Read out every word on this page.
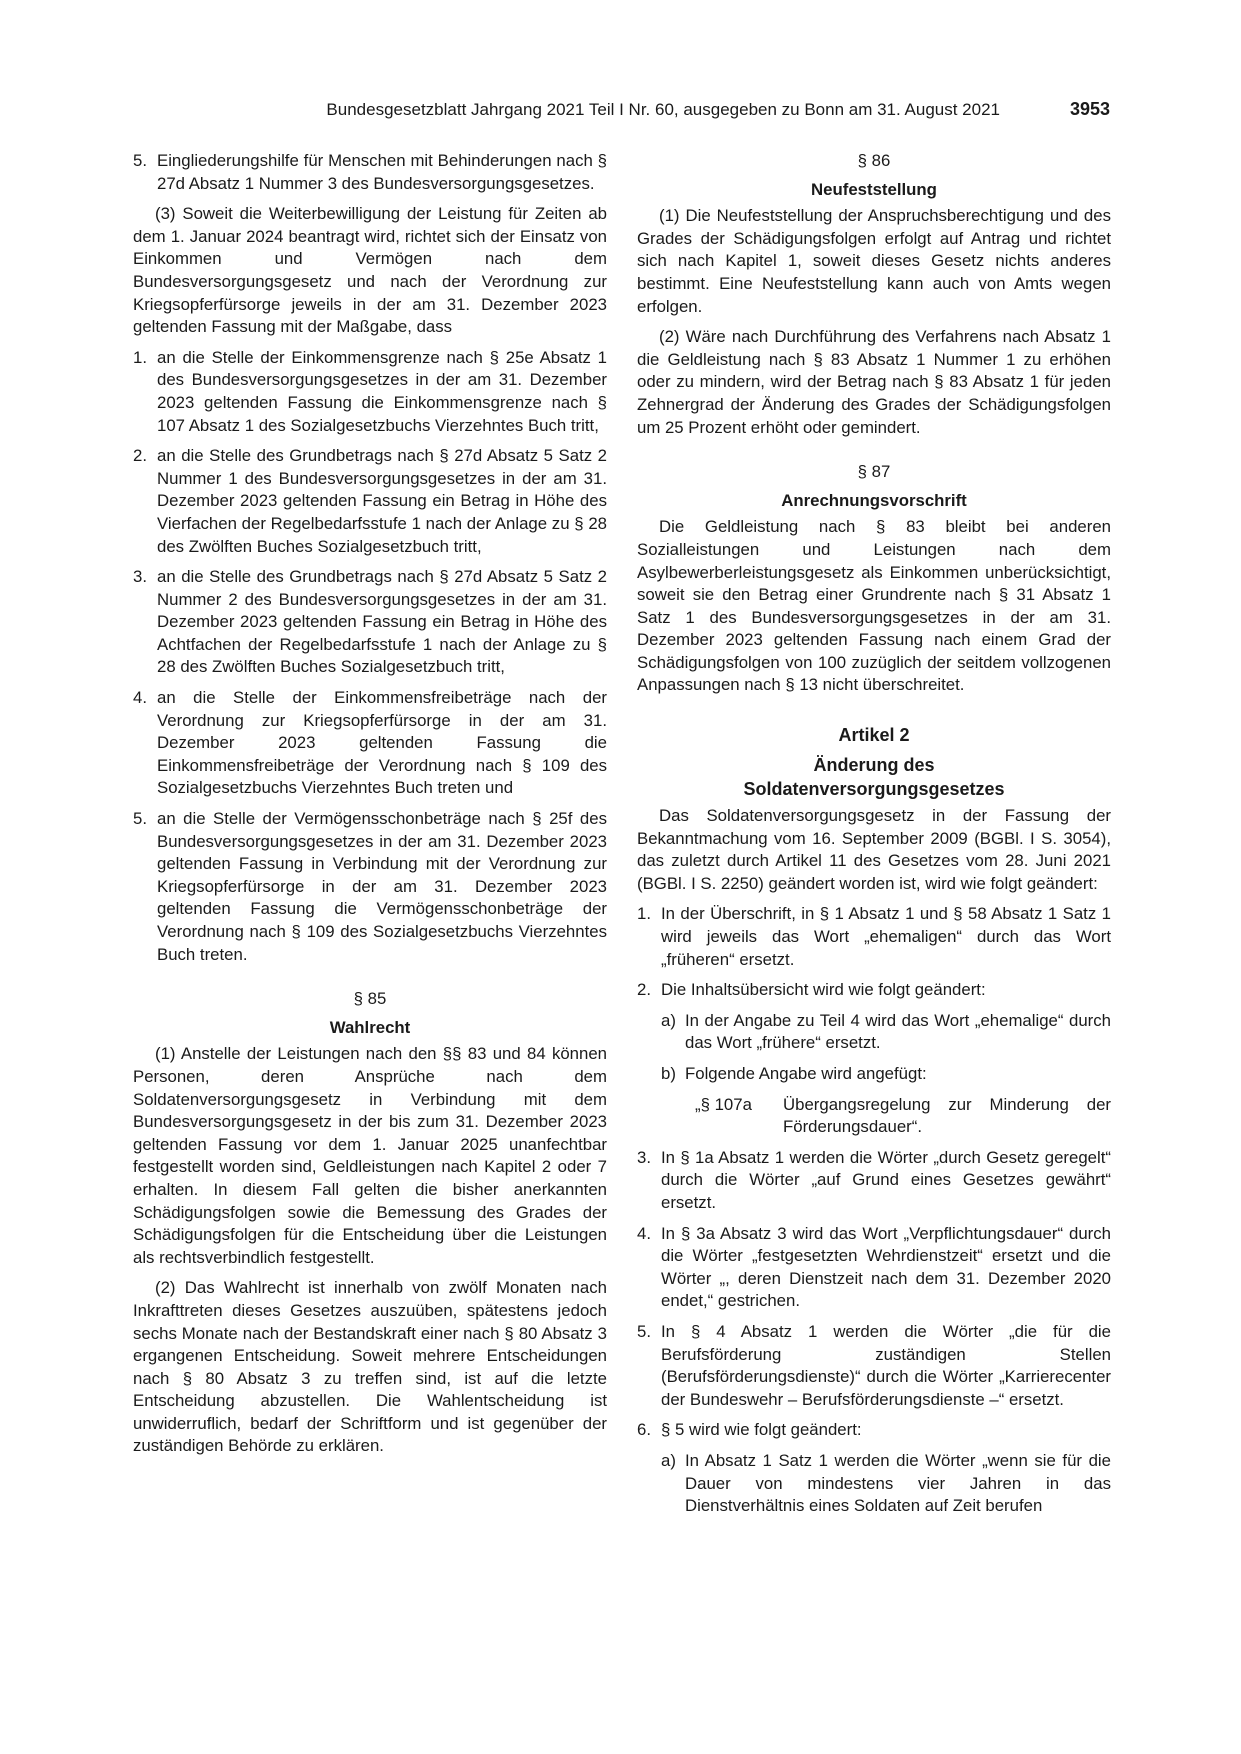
Bundesgesetzblatt Jahrgang 2021 Teil I Nr. 60, ausgegeben zu Bonn am 31. August 2021	3953
5. Eingliederungshilfe für Menschen mit Behinderungen nach § 27d Absatz 1 Nummer 3 des Bundesversorgungsgesetzes.

(3) Soweit die Weiterbewilligung der Leistung für Zeiten ab dem 1. Januar 2024 beantragt wird, richtet sich der Einsatz von Einkommen und Vermögen nach dem Bundesversorgungsgesetz und nach der Verordnung zur Kriegsopferfürsorge jeweils in der am 31. Dezember 2023 geltenden Fassung mit der Maßgabe, dass

1. an die Stelle der Einkommensgrenze nach § 25e Absatz 1 des Bundesversorgungsgesetzes in der am 31. Dezember 2023 geltenden Fassung die Einkommensgrenze nach § 107 Absatz 1 des Sozialgesetzbuchs Vierzehntes Buch tritt,
2. an die Stelle des Grundbetrags nach § 27d Absatz 5 Satz 2 Nummer 1 des Bundesversorgungsgesetzes in der am 31. Dezember 2023 geltenden Fassung ein Betrag in Höhe des Vierfachen der Regelbedarfsstufe 1 nach der Anlage zu § 28 des Zwölften Buches Sozialgesetzbuch tritt,
3. an die Stelle des Grundbetrags nach § 27d Absatz 5 Satz 2 Nummer 2 des Bundesversorgungsgesetzes in der am 31. Dezember 2023 geltenden Fassung ein Betrag in Höhe des Achtfachen der Regelbedarfsstufe 1 nach der Anlage zu § 28 des Zwölften Buches Sozialgesetzbuch tritt,
4. an die Stelle der Einkommensfreibeträge nach der Verordnung zur Kriegsopferfürsorge in der am 31. Dezember 2023 geltenden Fassung die Einkommensfreibeträge der Verordnung nach § 109 des Sozialgesetzbuchs Vierzehntes Buch treten und
5. an die Stelle der Vermögensschonbeträge nach § 25f des Bundesversorgungsgesetzes in der am 31. Dezember 2023 geltenden Fassung in Verbindung mit der Verordnung zur Kriegsopferfürsorge in der am 31. Dezember 2023 geltenden Fassung die Vermögensschonbeträge der Verordnung nach § 109 des Sozialgesetzbuchs Vierzehntes Buch treten.
§ 85
Wahlrecht

(1) Anstelle der Leistungen nach den §§ 83 und 84 können Personen, deren Ansprüche nach dem Soldatenversorgungsgesetz in Verbindung mit dem Bundesversorgungsgesetz in der bis zum 31. Dezember 2023 geltenden Fassung vor dem 1. Januar 2025 unanfechtbar festgestellt worden sind, Geldleistungen nach Kapitel 2 oder 7 erhalten. In diesem Fall gelten die bisher anerkannten Schädigungsfolgen sowie die Bemessung des Grades der Schädigungsfolgen für die Entscheidung über die Leistungen als rechtsverbindlich festgestellt.

(2) Das Wahlrecht ist innerhalb von zwölf Monaten nach Inkrafttreten dieses Gesetzes auszuüben, spätestens jedoch sechs Monate nach der Bestandskraft einer nach § 80 Absatz 3 ergangenen Entscheidung. Soweit mehrere Entscheidungen nach § 80 Absatz 3 zu treffen sind, ist auf die letzte Entscheidung abzustellen. Die Wahlentscheidung ist unwiderruflich, bedarf der Schriftform und ist gegenüber der zuständigen Behörde zu erklären.

§ 86
Neufeststellung

(1) Die Neufeststellung der Anspruchsberechtigung und des Grades der Schädigungsfolgen erfolgt auf Antrag und richtet sich nach Kapitel 1, soweit dieses Gesetz nichts anderes bestimmt. Eine Neufeststellung kann auch von Amts wegen erfolgen.

(2) Wäre nach Durchführung des Verfahrens nach Absatz 1 die Geldleistung nach § 83 Absatz 1 Nummer 1 zu erhöhen oder zu mindern, wird der Betrag nach § 83 Absatz 1 für jeden Zehnergrad der Änderung des Grades der Schädigungsfolgen um 25 Prozent erhöht oder gemindert.

§ 87
Anrechnungsvorschrift

Die Geldleistung nach § 83 bleibt bei anderen Sozialleistungen und Leistungen nach dem Asylbewerberleistungsgesetz als Einkommen unberücksichtigt, soweit sie den Betrag einer Grundrente nach § 31 Absatz 1 Satz 1 des Bundesversorgungsgesetzes in der am 31. Dezember 2023 geltenden Fassung nach einem Grad der Schädigungsfolgen von 100 zuzüglich der seitdem vollzogenen Anpassungen nach § 13 nicht überschreitet.

Artikel 2
Änderung des
Soldatenversorgungsgesetzes

Das Soldatenversorgungsgesetz in der Fassung der Bekanntmachung vom 16. September 2009 (BGBl. I S. 3054), das zuletzt durch Artikel 11 des Gesetzes vom 28. Juni 2021 (BGBl. I S. 2250) geändert worden ist, wird wie folgt geändert:

1. In der Überschrift, in § 1 Absatz 1 und § 58 Absatz 1 Satz 1 wird jeweils das Wort „ehemaligen“ durch das Wort „früheren“ ersetzt.
2. Die Inhaltsübersicht wird wie folgt geändert:
a) In der Angabe zu Teil 4 wird das Wort „ehemalige“ durch das Wort „frühere“ ersetzt.
b) Folgende Angabe wird angefügt:
„§ 107a	Übergangsregelung zur Minderung der Förderungsdauer“.
3. In § 1a Absatz 1 werden die Wörter „durch Gesetz geregelt“ durch die Wörter „auf Grund eines Gesetzes gewährt“ ersetzt.
4. In § 3a Absatz 3 wird das Wort „Verpflichtungsdauer“ durch die Wörter „festgesetzten Wehrdienstzeit“ ersetzt und die Wörter „, deren Dienstzeit nach dem 31. Dezember 2020 endet,“ gestrichen.
5. In § 4 Absatz 1 werden die Wörter „die für die Berufsförderung zuständigen Stellen (Berufsförderungsdienste)“ durch die Wörter „Karrierecenter der Bundeswehr – Berufsförderungsdienste –“ ersetzt.
6. § 5 wird wie folgt geändert:
a) In Absatz 1 Satz 1 werden die Wörter „wenn sie für die Dauer von mindestens vier Jahren in das Dienstverhältnis eines Soldaten auf Zeit berufen
